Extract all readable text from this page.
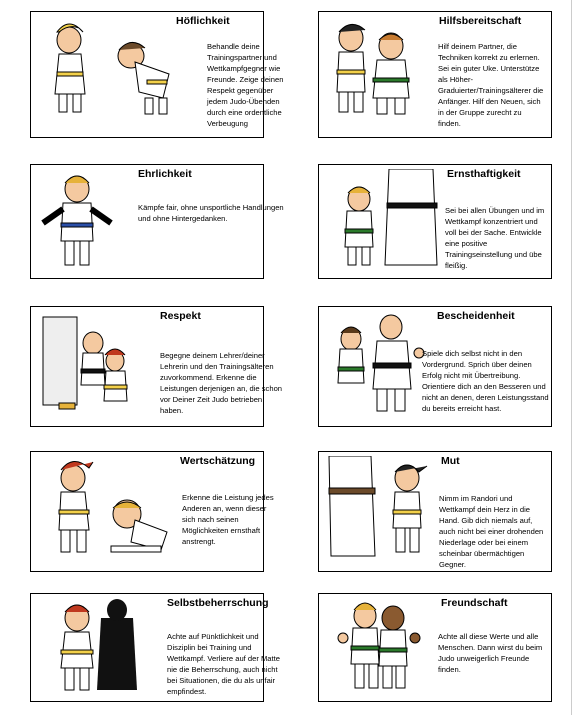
Höflichkeit
Behandle deine Trainingspartner und Wettkampfgegner wie Freunde. Zeige deinen Respekt gegenüber jedem Judo-Übenden durch eine ordentliche Verbeugung
Hilfsbereitschaft
Hilf deinem Partner, die Techniken korrekt zu erlernen. Sei ein guter Uke. Unterstütze als Höher-Graduierter/Trainingsälterer die Anfänger. Hilf den Neuen, sich in der Gruppe zurecht zu finden.
Ehrlichkeit
Kämpfe fair, ohne unsportliche Handlungen und ohne Hintergedanken.
Ernsthaftigkeit
Sei bei allen Übungen und im Wettkampf konzentriert und voll bei der Sache. Entwickle eine positive Trainingseinstellung und übe fleißig.
Respekt
Begegne deinem Lehrer/deiner Lehrerin und den Trainingsälteren zuvorkommend. Erkenne die Leistungen derjenigen an, die schon vor Deiner Zeit Judo betrieben haben.
Bescheidenheit
Spiele dich selbst nicht in den Vordergrund. Sprich über deinen Erfolg nicht mit Übertreibung. Orientiere dich an den Besseren und nicht an denen, deren Leistungsstand du bereits erreicht hast.
Wertschätzung
Erkenne die Leistung jedes Anderen an, wenn dieser sich nach seinen Möglichkeiten ernsthaft anstrengt.
Mut
Nimm im Randori und Wettkampf dein Herz in die Hand. Gib dich niemals auf, auch nicht bei einer drohenden Niederlage oder bei einem scheinbar übermächtigen Gegner.
Selbstbeherrschung
Achte auf Pünktlichkeit und Disziplin bei Training und Wettkampf. Verliere auf der Matte nie die Beherrschung, auch nicht bei Situationen, die du als unfair empfindest.
Freundschaft
Achte all diese Werte und alle Menschen. Dann wirst du beim Judo unweigerlich Freunde finden.
